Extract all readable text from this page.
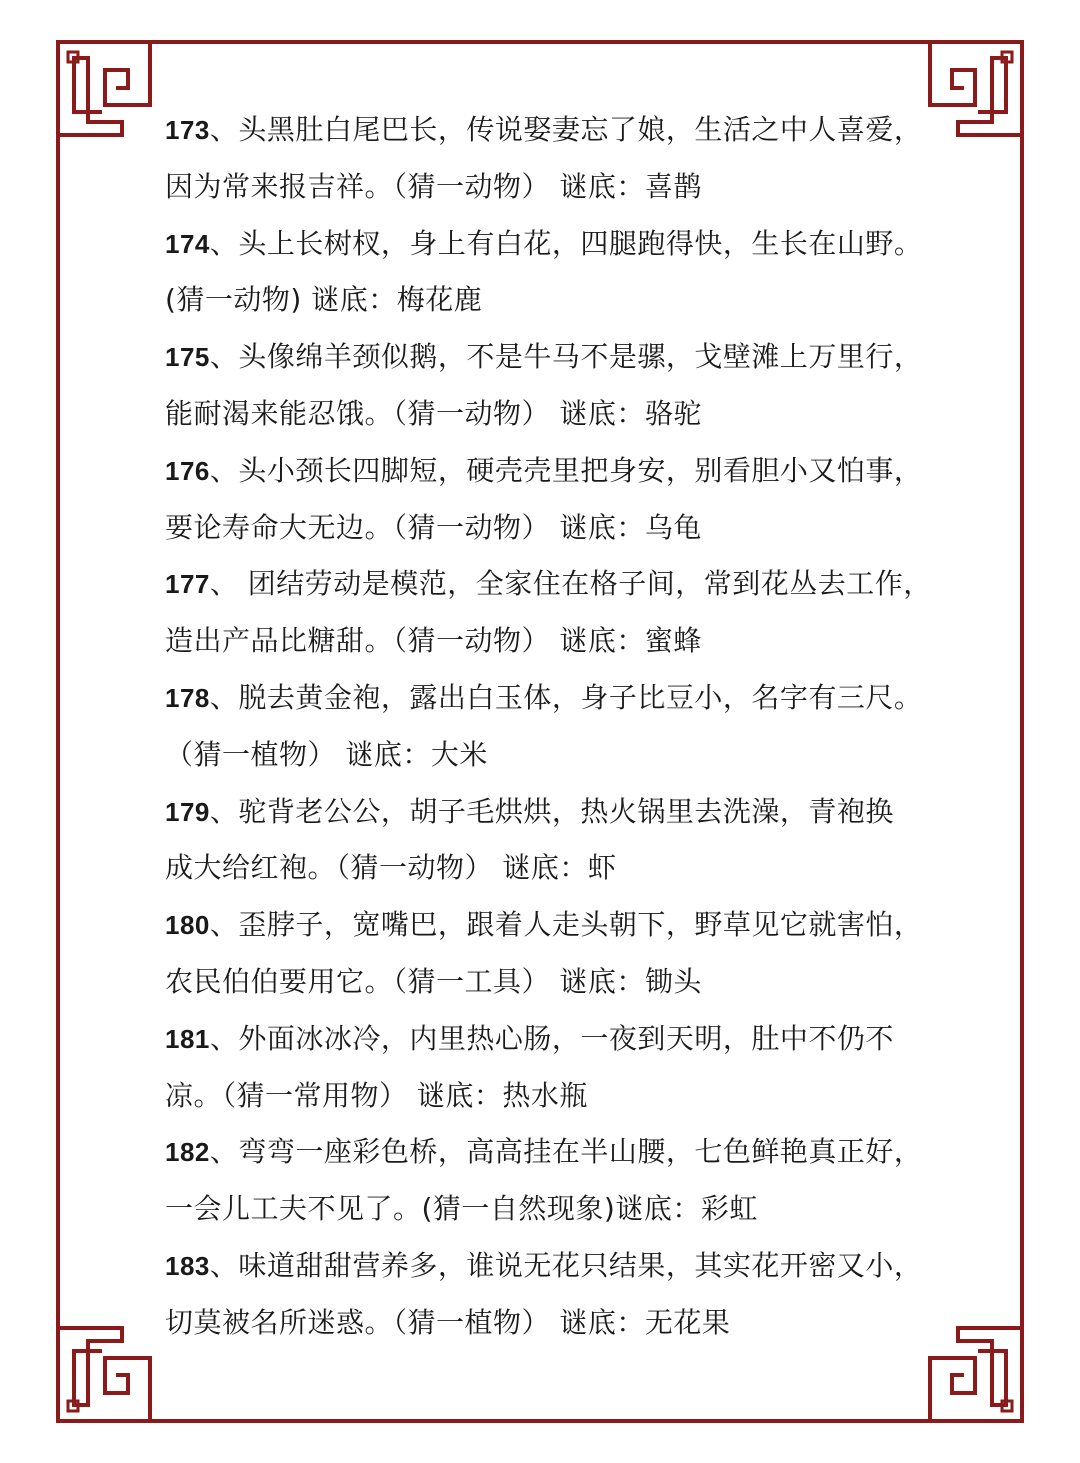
173、头黑肚白尾巴长，传说娶妻忘了娘，生活之中人喜爱，
因为常来报吉祥。（猜一动物） 谜底：喜鹊
174、头上长树杈，身上有白花，四腿跑得快，生长在山野。
(猜一动物) 谜底：梅花鹿
175、头像绵羊颈似鹅，不是牛马不是骡，戈壁滩上万里行，
能耐渴来能忍饿。（猜一动物） 谜底：骆驼
176、头小颈长四脚短，硬壳壳里把身安，别看胆小又怕事，
要论寿命大无边。（猜一动物） 谜底：乌龟
177、 团结劳动是模范，全家住在格子间，常到花丛去工作，
造出产品比糖甜。（猜一动物） 谜底：蜜蜂
178、脱去黄金袍，露出白玉体，身子比豆小，名字有三尺。
（猜一植物） 谜底：大米
179、驼背老公公，胡子毛烘烘，热火锅里去洗澡，青袍换
成大给红袍。（猜一动物） 谜底：虾
180、歪脖子，宽嘴巴，跟着人走头朝下，野草见它就害怕，
农民伯伯要用它。（猜一工具） 谜底：锄头
181、外面冰冰冷，内里热心肠，一夜到天明，肚中不仍不
凉。（猜一常用物） 谜底：热水瓶
182、弯弯一座彩色桥，高高挂在半山腰，七色鲜艳真正好，
一会儿工夫不见了。(猜一自然现象)谜底：彩虹
183、味道甜甜营养多，谁说无花只结果，其实花开密又小，
切莫被名所迷惑。（猜一植物） 谜底：无花果
